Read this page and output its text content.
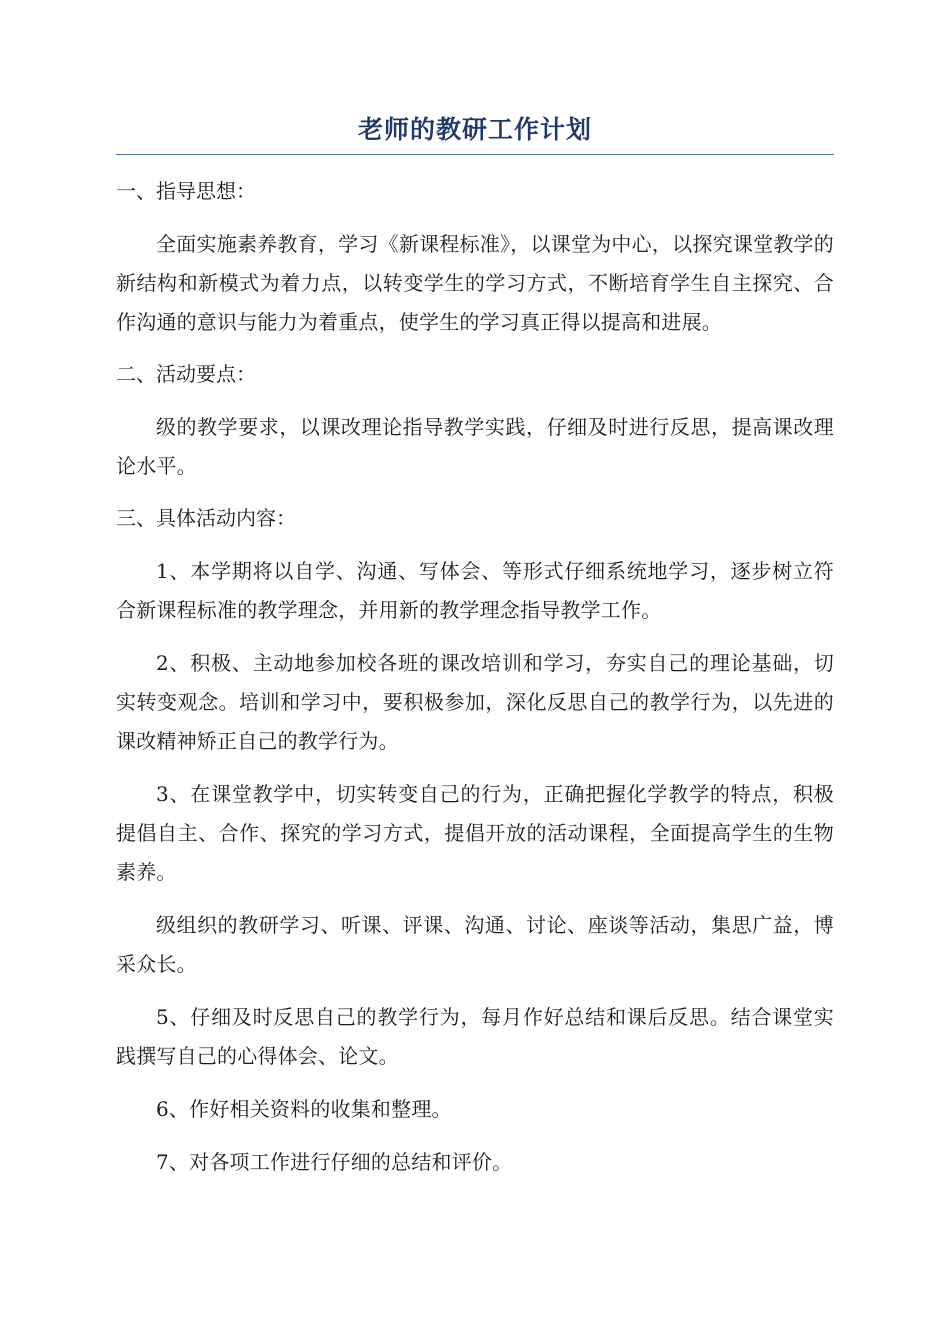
老师的教研工作计划

一、指导思想：

全面实施素养教育，学习《新课程标准》，以课堂为中心，以探究课堂教学的新结构和新模式为着力点，以转变学生的学习方式，不断培育学生自主探究、合作沟通的意识与能力为着重点，使学生的学习真正得以提高和进展。

二、活动要点：

级的教学要求，以课改理论指导教学实践，仔细及时进行反思，提高课改理论水平。

三、具体活动内容：

1、本学期将以自学、沟通、写体会、等形式仔细系统地学习，逐步树立符合新课程标准的教学理念，并用新的教学理念指导教学工作。

2、积极、主动地参加校各班的课改培训和学习，夯实自己的理论基础，切实转变观念。培训和学习中，要积极参加，深化反思自己的教学行为，以先进的课改精神矫正自己的教学行为。

3、在课堂教学中，切实转变自己的行为，正确把握化学教学的特点，积极提倡自主、合作、探究的学习方式，提倡开放的活动课程，全面提高学生的生物素养。

级组织的教研学习、听课、评课、沟通、讨论、座谈等活动，集思广益，博采众长。

5、仔细及时反思自己的教学行为，每月作好总结和课后反思。结合课堂实践撰写自己的心得体会、论文。

6、作好相关资料的收集和整理。

7、对各项工作进行仔细的总结和评价。
